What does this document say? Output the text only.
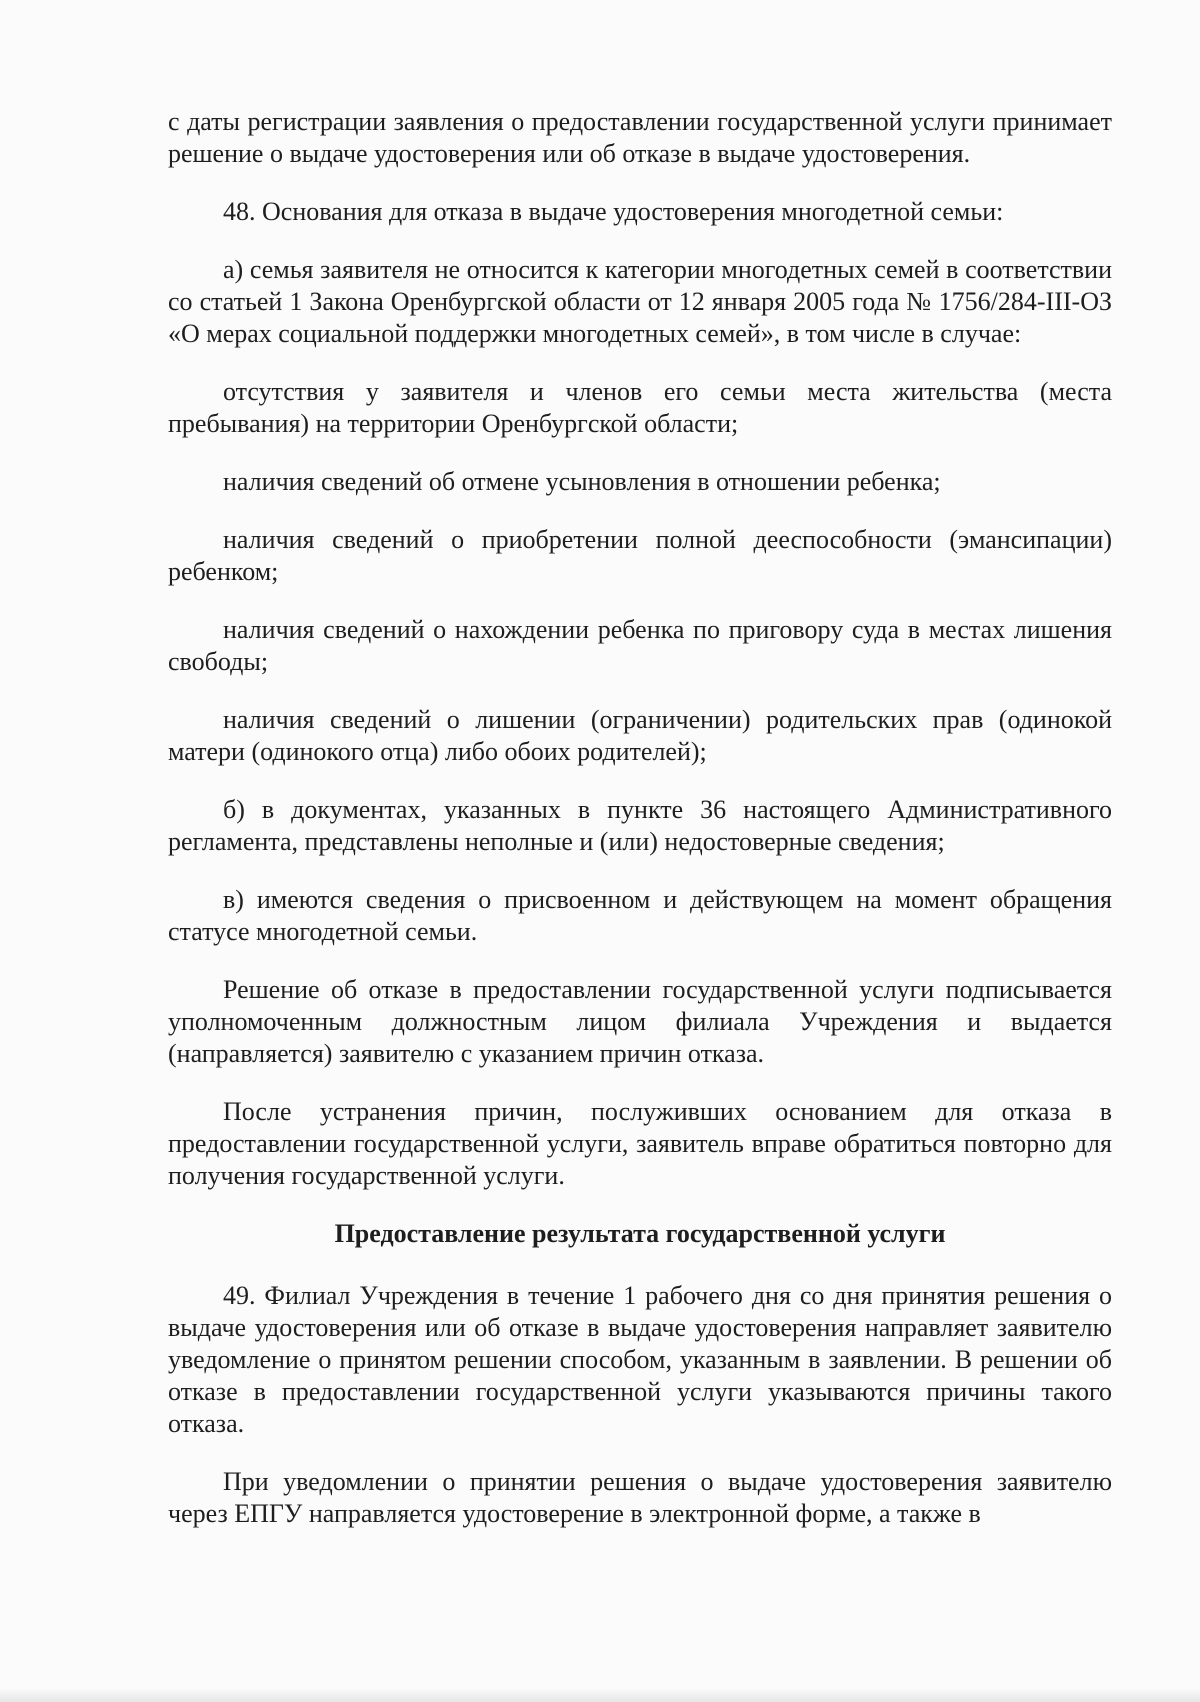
с даты регистрации заявления о предоставлении государственной услуги принимает решение о выдаче удостоверения или об отказе в выдаче удостоверения.

48. Основания для отказа в выдаче удостоверения многодетной семьи:

а) семья заявителя не относится к категории многодетных семей в соответствии со статьей 1 Закона Оренбургской области от 12 января 2005 года № 1756/284-III-ОЗ «О мерах социальной поддержки многодетных семей», в том числе в случае:

отсутствия у заявителя и членов его семьи места жительства (места пребывания) на территории Оренбургской области;

наличия сведений об отмене усыновления в отношении ребенка;

наличия сведений о приобретении полной дееспособности (эмансипации) ребенком;

наличия сведений о нахождении ребенка по приговору суда в местах лишения свободы;

наличия сведений о лишении (ограничении) родительских прав (одинокой матери (одинокого отца) либо обоих родителей);

б) в документах, указанных в пункте 36 настоящего Административного регламента, представлены неполные и (или) недостоверные сведения;

в) имеются сведения о присвоенном и действующем на момент обращения статусе многодетной семьи.

Решение об отказе в предоставлении государственной услуги подписывается уполномоченным должностным лицом филиала Учреждения и выдается (направляется) заявителю с указанием причин отказа.

После устранения причин, послуживших основанием для отказа в предоставлении государственной услуги, заявитель вправе обратиться повторно для получения государственной услуги.

Предоставление результата государственной услуги

49. Филиал Учреждения в течение 1 рабочего дня со дня принятия решения о выдаче удостоверения или об отказе в выдаче удостоверения направляет заявителю уведомление о принятом решении способом, указанным в заявлении. В решении об отказе в предоставлении государственной услуги указываются причины такого отказа.

При уведомлении о принятии решения о выдаче удостоверения заявителю через ЕПГУ направляется удостоверение в электронной форме, а также в
